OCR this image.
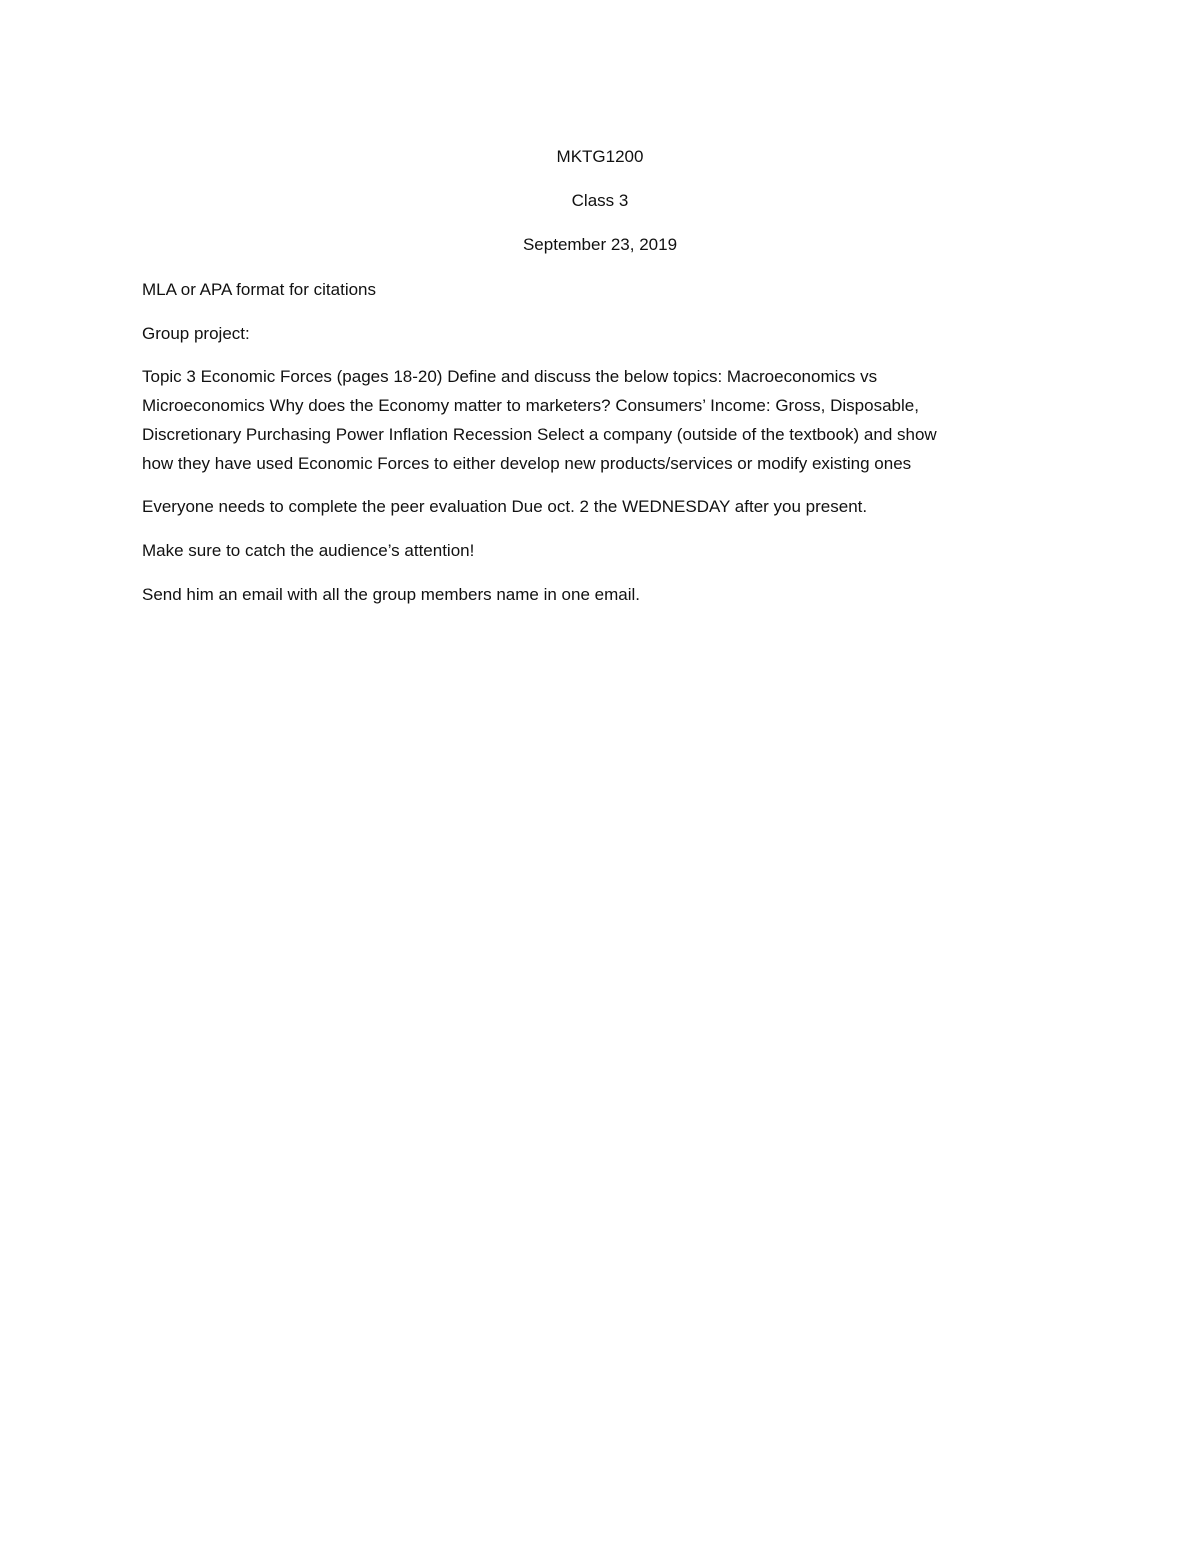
MKTG1200
Class 3
September 23, 2019

MLA or APA format for citations

Group project:

Topic 3 Economic Forces (pages 18-20) Define and discuss the below topics: Macroeconomics vs
Microeconomics Why does the Economy matter to marketers? Consumers’ Income: Gross, Disposable,
Discretionary Purchasing Power Inflation Recession Select a company (outside of the textbook) and show
how they have used Economic Forces to either develop new products/services or modify existing ones

Everyone needs to complete the peer evaluation Due oct. 2 the WEDNESDAY after you present.

Make sure to catch the audience’s attention!

Send him an email with all the group members name in one email.
